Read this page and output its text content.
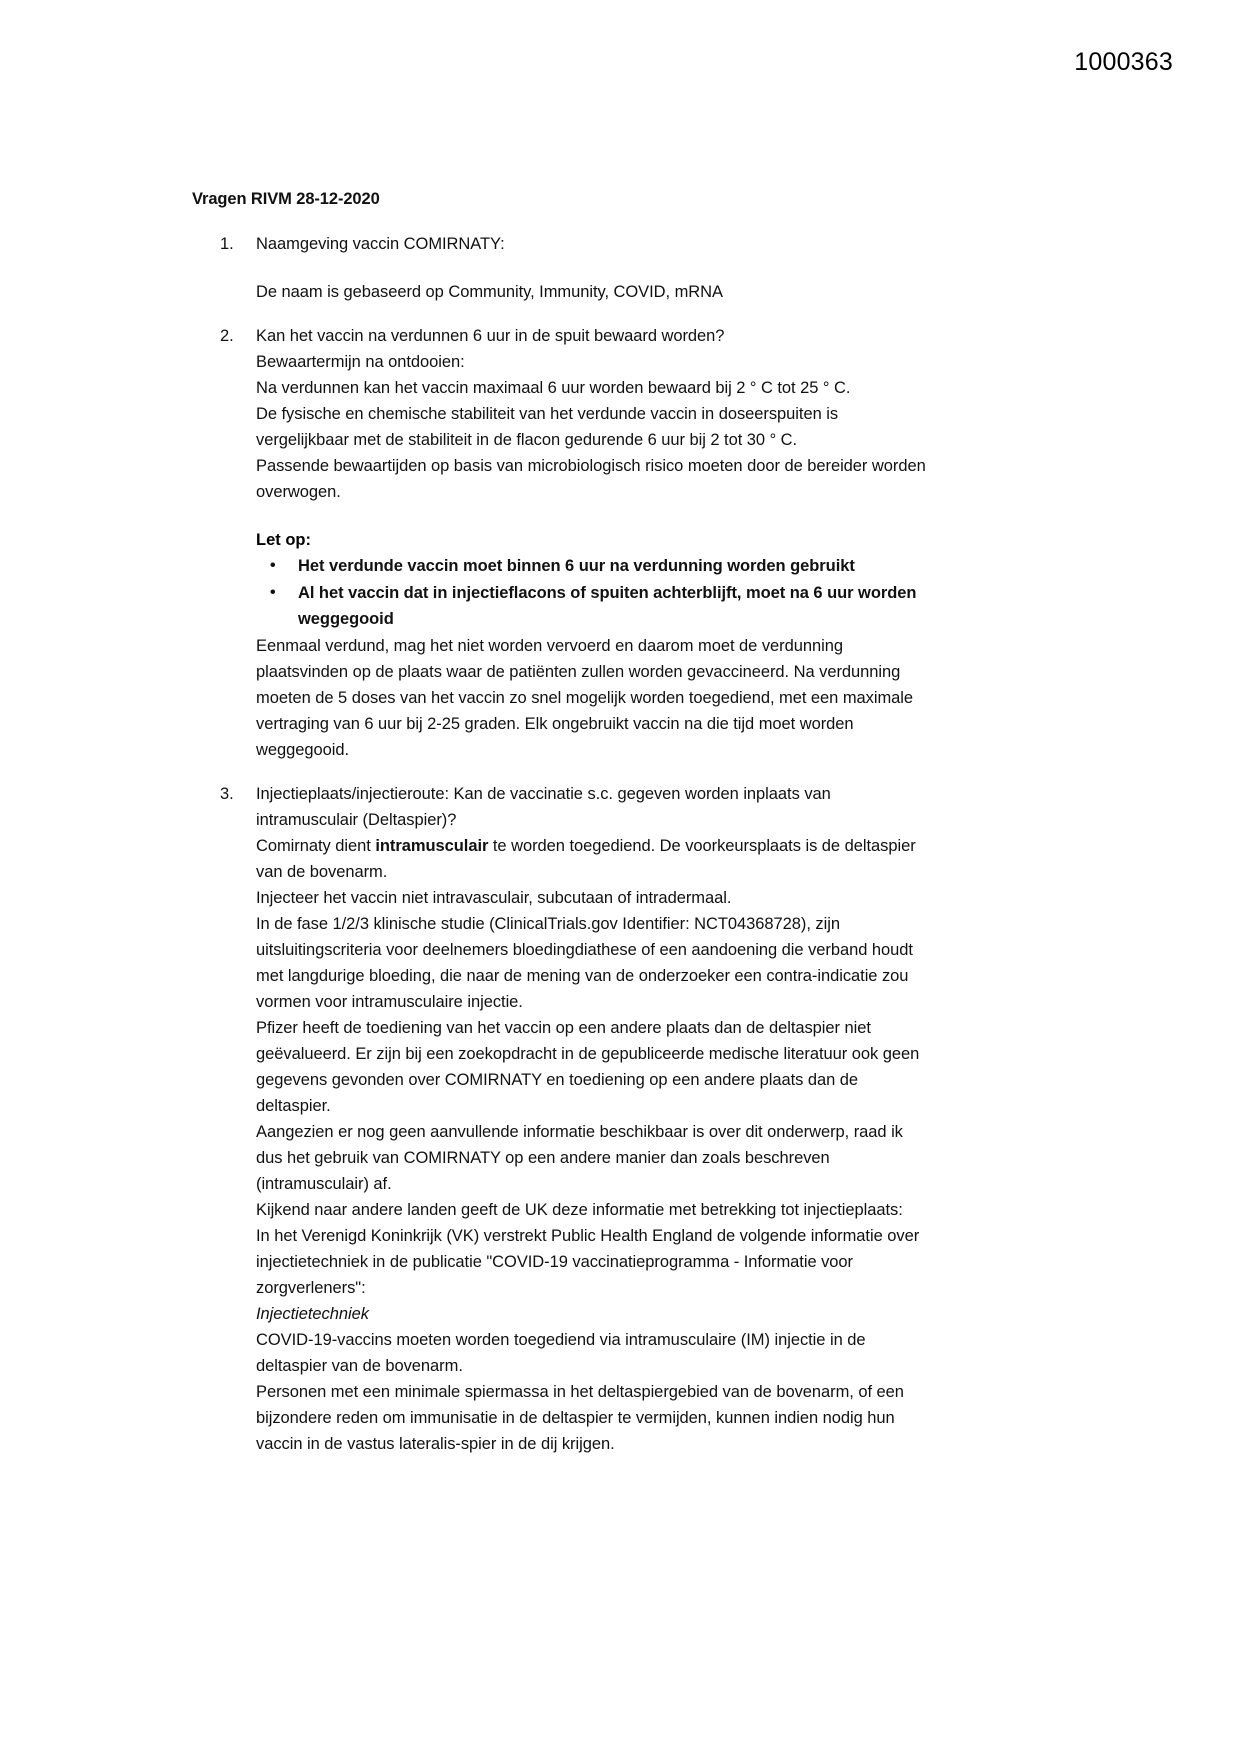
1000363
Vragen RIVM 28-12-2020
1. Naamgeving vaccin COMIRNATY:
De naam is gebaseerd op Community, Immunity, COVID, mRNA
2. Kan het vaccin na verdunnen 6 uur in de spuit bewaard worden?
Bewaartermijn na ontdooien:
Na verdunnen kan het vaccin maximaal 6 uur worden bewaard bij 2 ° C tot 25 ° C.
De fysische en chemische stabiliteit van het verdunde vaccin in doseerspuiten is vergelijkbaar met de stabiliteit in de flacon gedurende 6 uur bij 2 tot 30 ° C.
Passende bewaartijden op basis van microbiologisch risico moeten door de bereider worden overwogen.
Let op:
• Het verdunde vaccin moet binnen 6 uur na verdunning worden gebruikt
• Al het vaccin dat in injectieflacons of spuiten achterblijft, moet na 6 uur worden weggegooid
Eenmaal verdund, mag het niet worden vervoerd en daarom moet de verdunning plaatsvinden op de plaats waar de patiënten zullen worden gevaccineerd. Na verdunning moeten de 5 doses van het vaccin zo snel mogelijk worden toegediend, met een maximale vertraging van 6 uur bij 2-25 graden. Elk ongebruikt vaccin na die tijd moet worden weggegooid.
3. Injectieplaats/injectieroute: Kan de vaccinatie s.c. gegeven worden inplaats van intramusculair (Deltaspier)?
Comirnaty dient intramusculair te worden toegediend. De voorkeursplaats is de deltaspier van de bovenarm.
Injecteer het vaccin niet intravasculair, subcutaan of intradermaal.
In de fase 1/2/3 klinische studie (ClinicalTrials.gov Identifier: NCT04368728), zijn uitsluitingscriteria voor deelnemers bloedingdiathese of een aandoening die verband houdt met langdurige bloeding, die naar de mening van de onderzoeker een contra-indicatie zou vormen voor intramusculaire injectie.
Pfizer heeft de toediening van het vaccin op een andere plaats dan de deltaspier niet geëvalueerd. Er zijn bij een zoekopdracht in de gepubliceerde medische literatuur ook geen gegevens gevonden over COMIRNATY en toediening op een andere plaats dan de deltaspier.
Aangezien er nog geen aanvullende informatie beschikbaar is over dit onderwerp, raad ik dus het gebruik van COMIRNATY op een andere manier dan zoals beschreven (intramusculair) af.
Kijkend naar andere landen geeft de UK deze informatie met betrekking tot injectieplaats:
In het Verenigd Koninkrijk (VK) verstrekt Public Health England de volgende informatie over injectietechniek in de publicatie "COVID-19 vaccinatieprogramma - Informatie voor zorgverleners":
Injectietechniek
COVID-19-vaccins moeten worden toegediend via intramusculaire (IM) injectie in de deltaspier van de bovenarm.
Personen met een minimale spiermassa in het deltaspiergebied van de bovenarm, of een bijzondere reden om immunisatie in de deltaspier te vermijden, kunnen indien nodig hun vaccin in de vastus lateralis-spier in de dij krijgen.
